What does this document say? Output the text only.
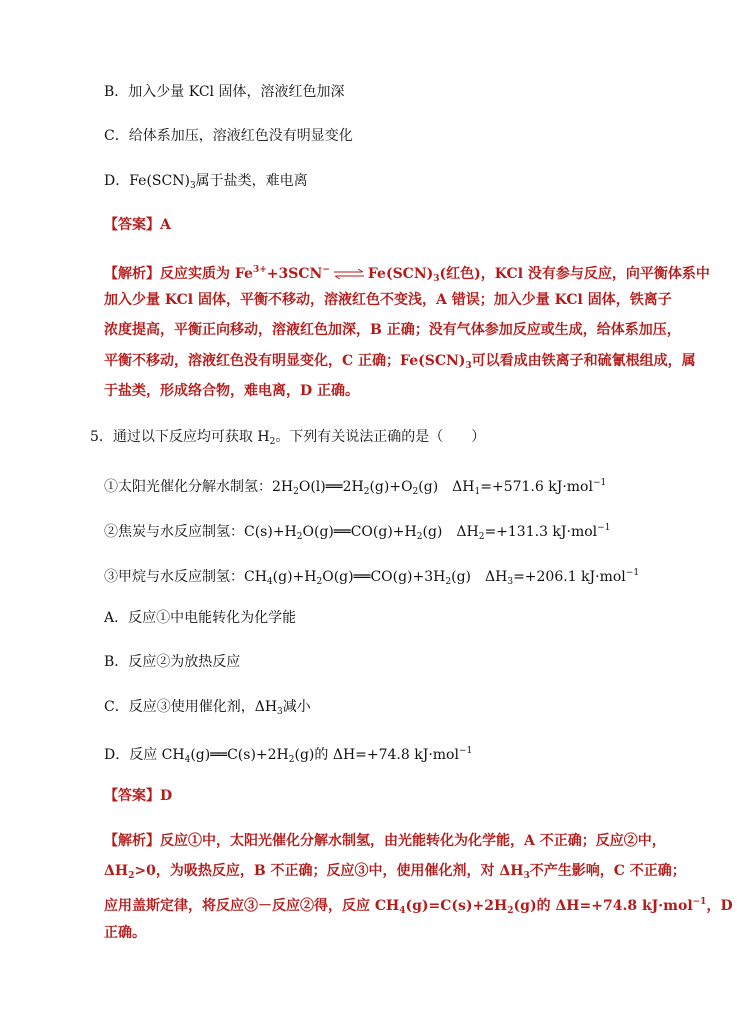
B．加入少量 KCl 固体，溶液红色加深
C．给体系加压，溶液红色没有明显变化
D．$Fe(SCN)_3$属于盐类，难电离
【答案】A
【解析】反应实质为 $Fe^{3+}+3SCN^-$ ⇌ $Fe(SCN)_3$(红色)，KCl 没有参与反应，向平衡体系中
加入少量 KCl 固体，平衡不移动，溶液红色不变浅，A 错误；加入少量 KCl 固体，铁离子
浓度提高，平衡正向移动，溶液红色加深，B 正确；没有气体参加反应或生成，给体系加压，
平衡不移动，溶液红色没有明显变化，C 正确；$Fe(SCN)_3$可以看成由铁离子和硫氰根组成，属
于盐类，形成络合物，难电离，D 正确。
5．通过以下反应均可获取 $H_2$。下列有关说法正确的是（　　）
①太阳光催化分解水制氢：$2H_2O(l)══2H_2(g)+O_2(g)$　$\Delta H_1=+571.6$ kJ·mol$^{-1}$
②焦炭与水反应制氢：$C(s)+H_2O(g)══CO(g)+H_2(g)$　$\Delta H_2=+131.3$ kJ·mol$^{-1}$
③甲烷与水反应制氢：$CH_4(g)+H_2O(g)══CO(g)+3H_2(g)$　$\Delta H_3=+206.1$ kJ·mol$^{-1}$
A．反应①中电能转化为化学能
B．反应②为放热反应
C．反应③使用催化剂，$\Delta H_3$减小
D．反应 $CH_4(g)══C(s)+2H_2(g)$的 ΔH=+74.8 kJ·mol$^{-1}$
【答案】D
【解析】反应①中，太阳光催化分解水制氢，由光能转化为化学能，A 不正确；反应②中，
$\Delta H_2>0$，为吸热反应，B 不正确；反应③中，使用催化剂，对 $\Delta H_3$不产生影响，C 不正确；
应用盖斯定律，将反应③－反应②得，反应 $CH_4(g)=C(s)+2H_2(g)$的 ΔH=+74.8 kJ·mol$^{-1}$，D
正确。
